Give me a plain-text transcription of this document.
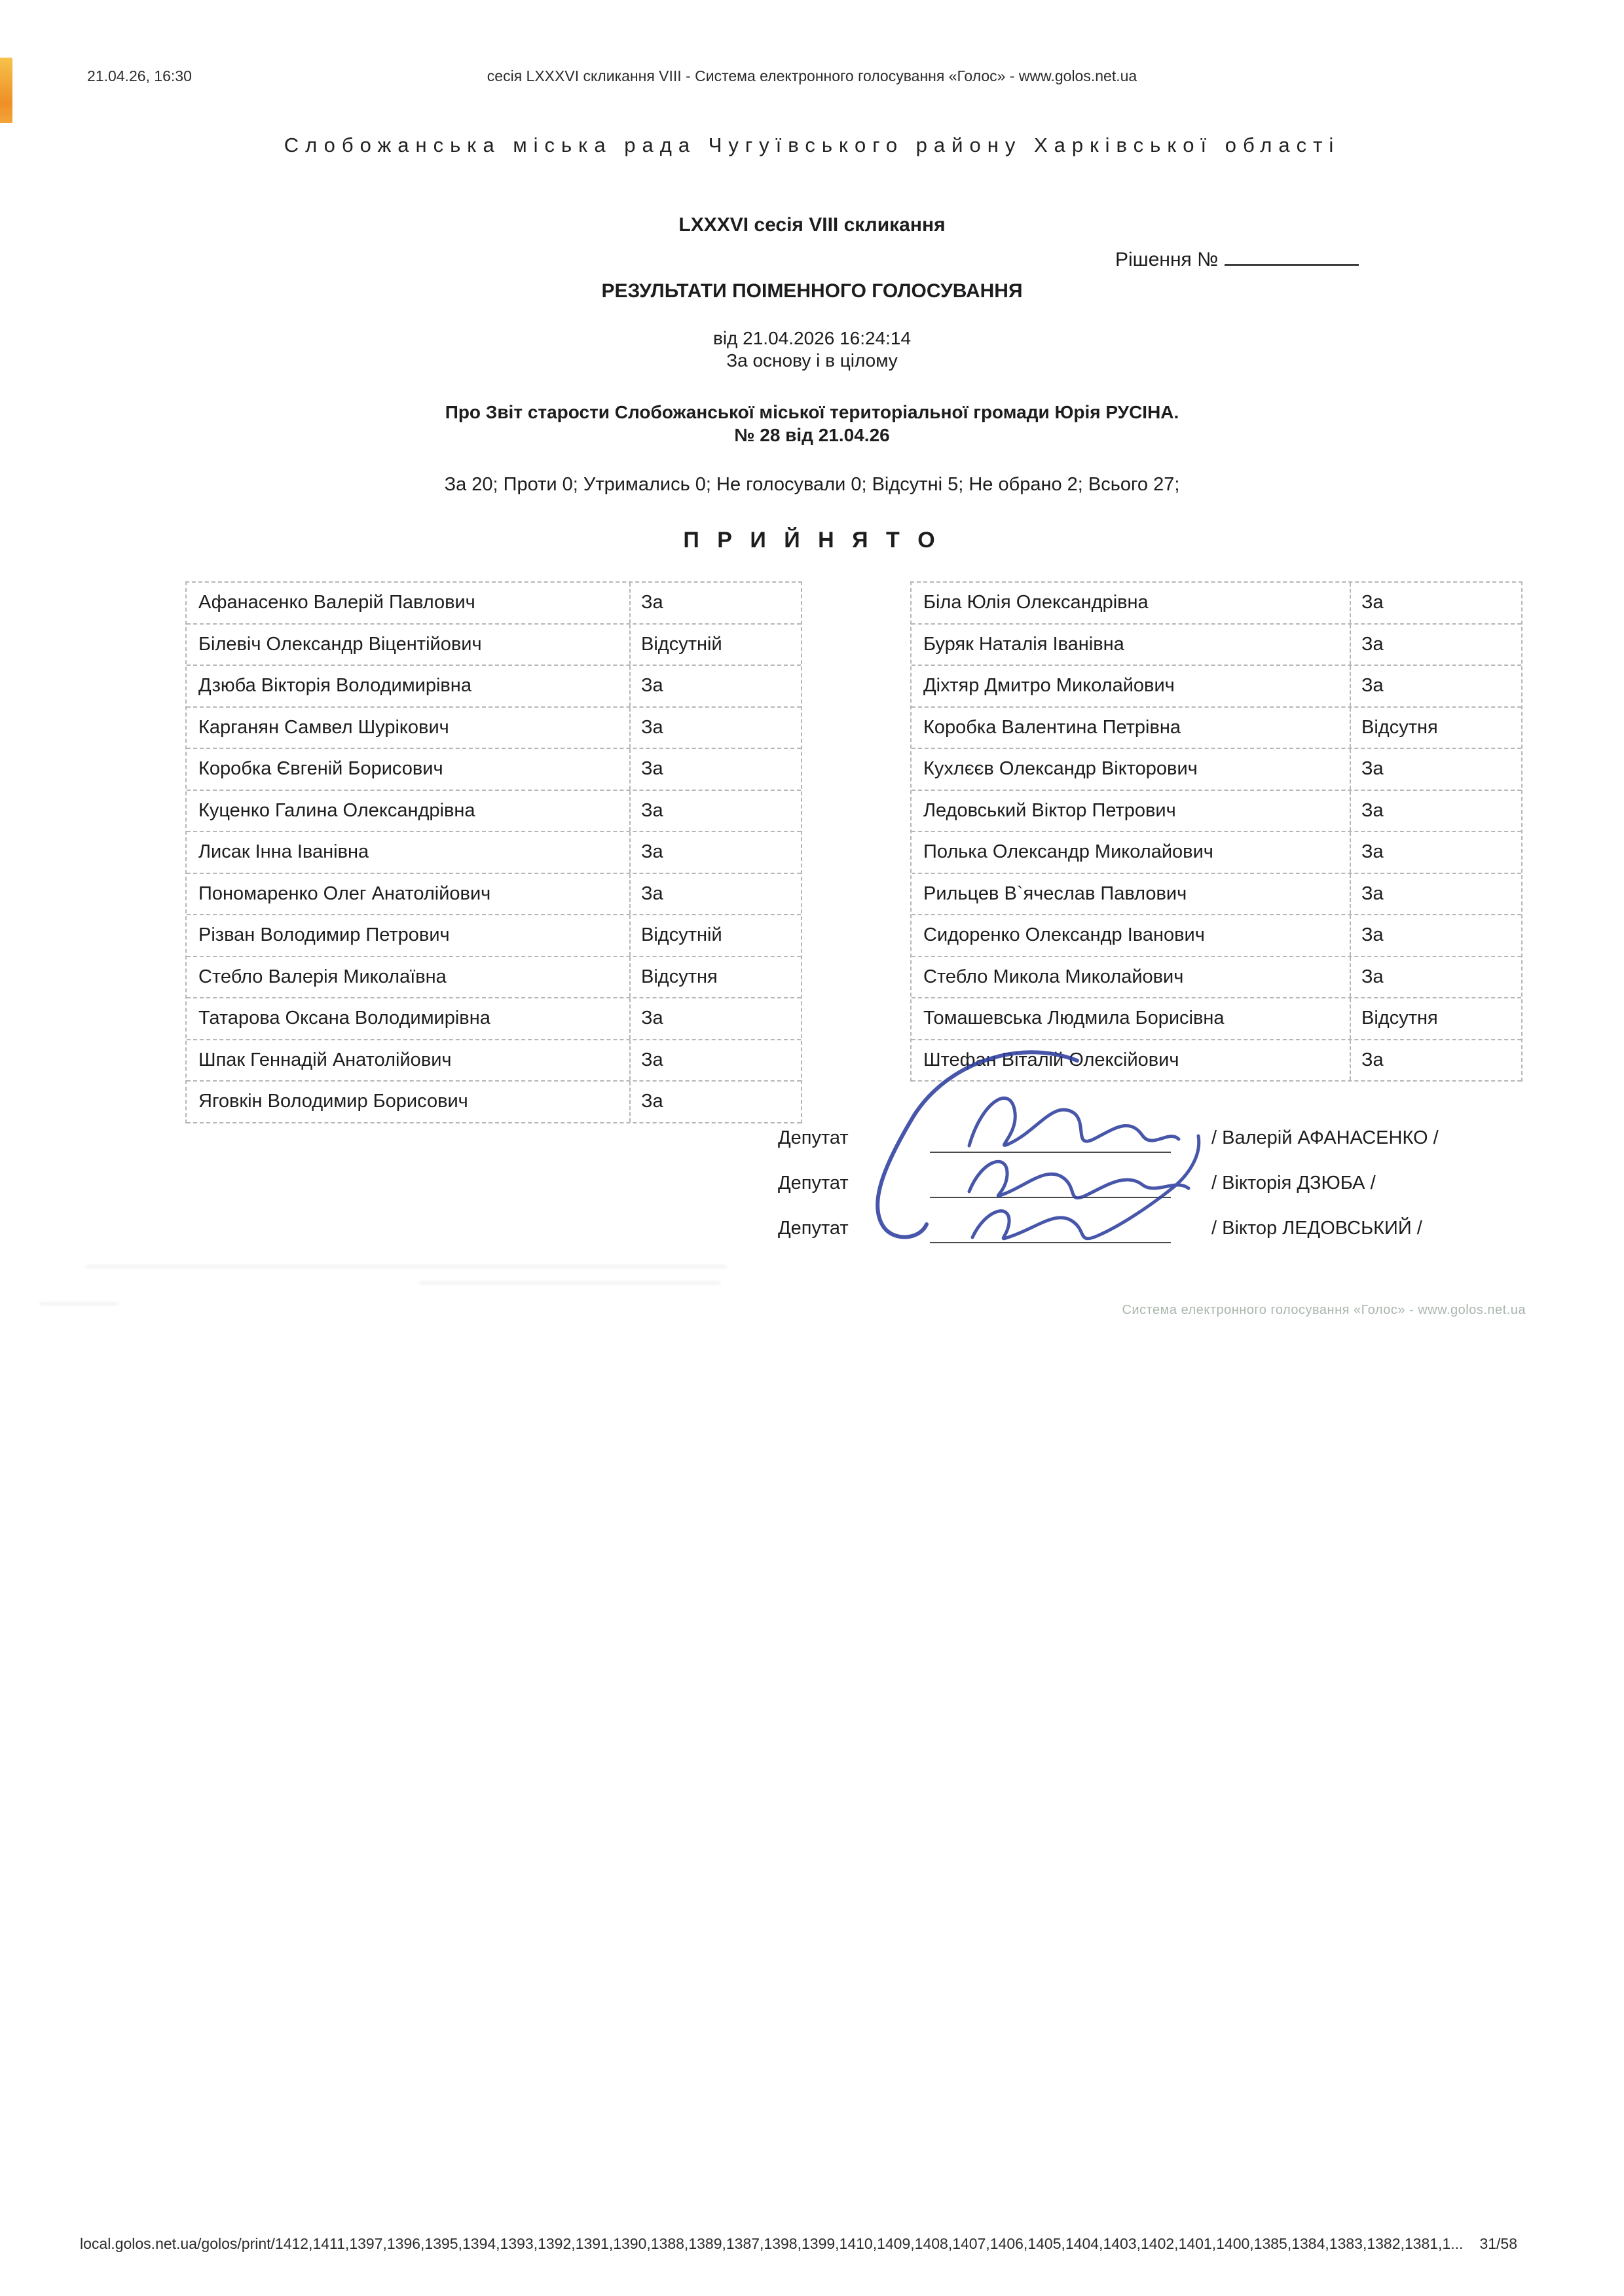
21.04.26, 16:30	сесія LXXXVI скликання VIII - Система електронного голосування «Голос» - www.golos.net.ua
Слобожанська міська рада Чугуївського району Харківської області
LXXXVI сесія VIII скликання
Рішення №
РЕЗУЛЬТАТИ ПОІМЕННОГО ГОЛОСУВАННЯ
від 21.04.2026 16:24:14
За основу і в цілому
Про Звіт старости Слобожанської міської територіальної громади Юрія РУСІНА.
№ 28 від 21.04.26
За 20; Проти 0; Утримались 0; Не голосували 0; Відсутні 5; Не обрано 2; Всього 27;
П Р И Й Н Я Т О
Афанасенко Валерій Павлович	За
Білевіч Олександр Віцентійович	Відсутній
Дзюба Вікторія Володимирівна	За
Карганян Самвел Шурікович	За
Коробка Євгеній Борисович	За
Куценко Галина Олександрівна	За
Лисак Інна Іванівна	За
Пономаренко Олег Анатолійович	За
Різван Володимир Петрович	Відсутній
Стебло Валерія Миколаївна	Відсутня
Татарова Оксана Володимирівна	За
Шпак Геннадій Анатолійович	За
Яговкін Володимир Борисович	За
Біла Юлія Олександрівна	За
Буряк Наталія Іванівна	За
Діхтяр Дмитро Миколайович	За
Коробка Валентина Петрівна	Відсутня
Кухлєєв Олександр Вікторович	За
Ледовський Віктор Петрович	За
Полька Олександр Миколайович	За
Рильцев В`ячеслав Павлович	За
Сидоренко Олександр Іванович	За
Стебло Микола Миколайович	За
Томашевська Людмила Борисівна	Відсутня
Штефан Віталій Олексійович	За
Депутат	/ Валерій АФАНАСЕНКО /
Депутат	/ Вікторія ДЗЮБА /
Депутат	/ Віктор ЛЕДОВСЬКИЙ /
Система електронного голосування «Голос» - www.golos.net.ua
local.golos.net.ua/golos/print/1412,1411,1397,1396,1395,1394,1393,1392,1391,1390,1388,1389,1387,1398,1399,1410,1409,1408,1407,1406,1405,1404,1403,1402,1401,1400,1385,1384,1383,1382,1381,1... 31/58
